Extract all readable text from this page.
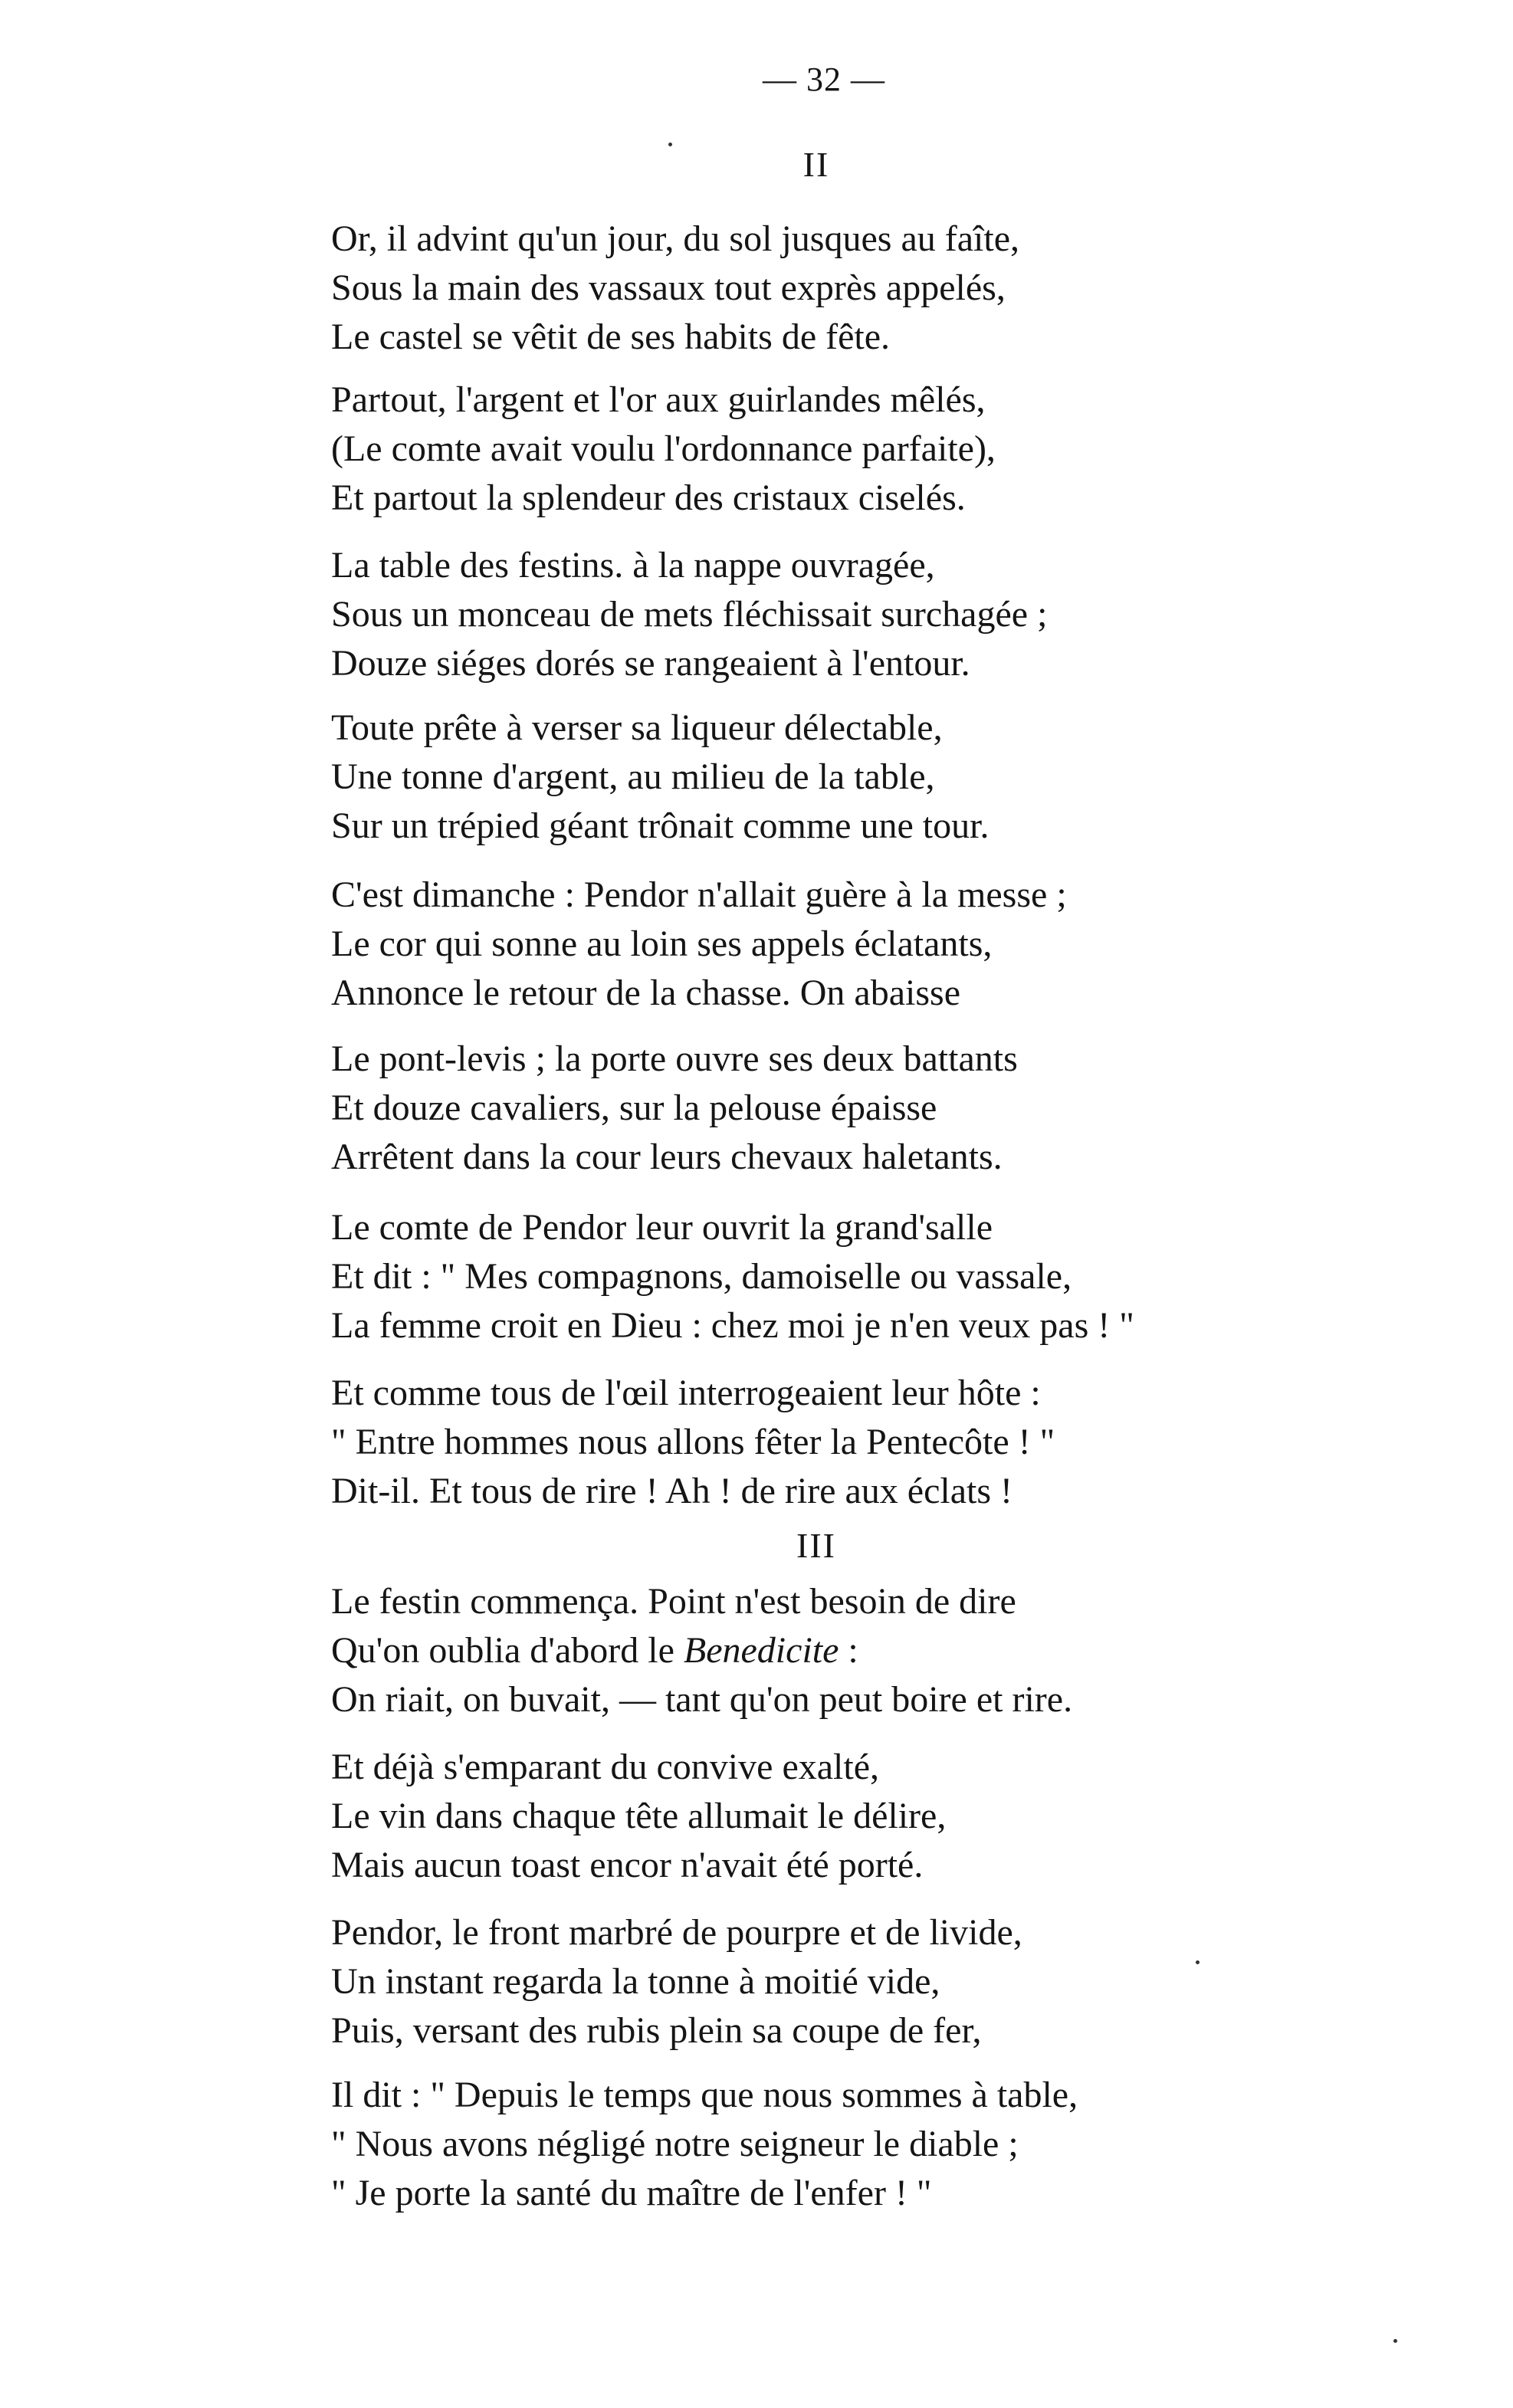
— 32 —
II
Or, il advint qu'un jour, du sol jusques au faîte,
Sous la main des vassaux tout exprès appelés,
Le castel se vêtit de ses habits de fête.
Partout, l'argent et l'or aux guirlandes mêlés,
(Le comte avait voulu l'ordonnance parfaite),
Et partout la splendeur des cristaux ciselés.
La table des festins. à la nappe ouvragée,
Sous un monceau de mets fléchissait surchagée ;
Douze siéges dorés se rangeaient à l'entour.
Toute prête à verser sa liqueur délectable,
Une tonne d'argent, au milieu de la table,
Sur un trépied géant trônait comme une tour.
C'est dimanche : Pendor n'allait guère à la messe ;
Le cor qui sonne au loin ses appels éclatants,
Annonce le retour de la chasse. On abaisse
Le pont-levis ; la porte ouvre ses deux battants
Et douze cavaliers, sur la pelouse épaisse
Arrêtent dans la cour leurs chevaux haletants.
Le comte de Pendor leur ouvrit la grand'salle
Et dit : " Mes compagnons, damoiselle ou vassale,
La femme croit en Dieu : chez moi je n'en veux pas ! "
Et comme tous de l'œil interrogeaient leur hôte :
" Entre hommes nous allons fêter la Pentecôte ! "
Dit-il. Et tous de rire ! Ah ! de rire aux éclats !
III
Le festin commença. Point n'est besoin de dire
Qu'on oublia d'abord le Benedicite :
On riait, on buvait, — tant qu'on peut boire et rire.
Et déjà s'emparant du convive exalté,
Le vin dans chaque tête allumait le délire,
Mais aucun toast encor n'avait été porté.
Pendor, le front marbré de pourpre et de livide,
Un instant regarda la tonne à moitié vide,
Puis, versant des rubis plein sa coupe de fer,
Il dit : " Depuis le temps que nous sommes à table,
" Nous avons négligé notre seigneur le diable ;
" Je porte la santé du maître de l'enfer ! "
